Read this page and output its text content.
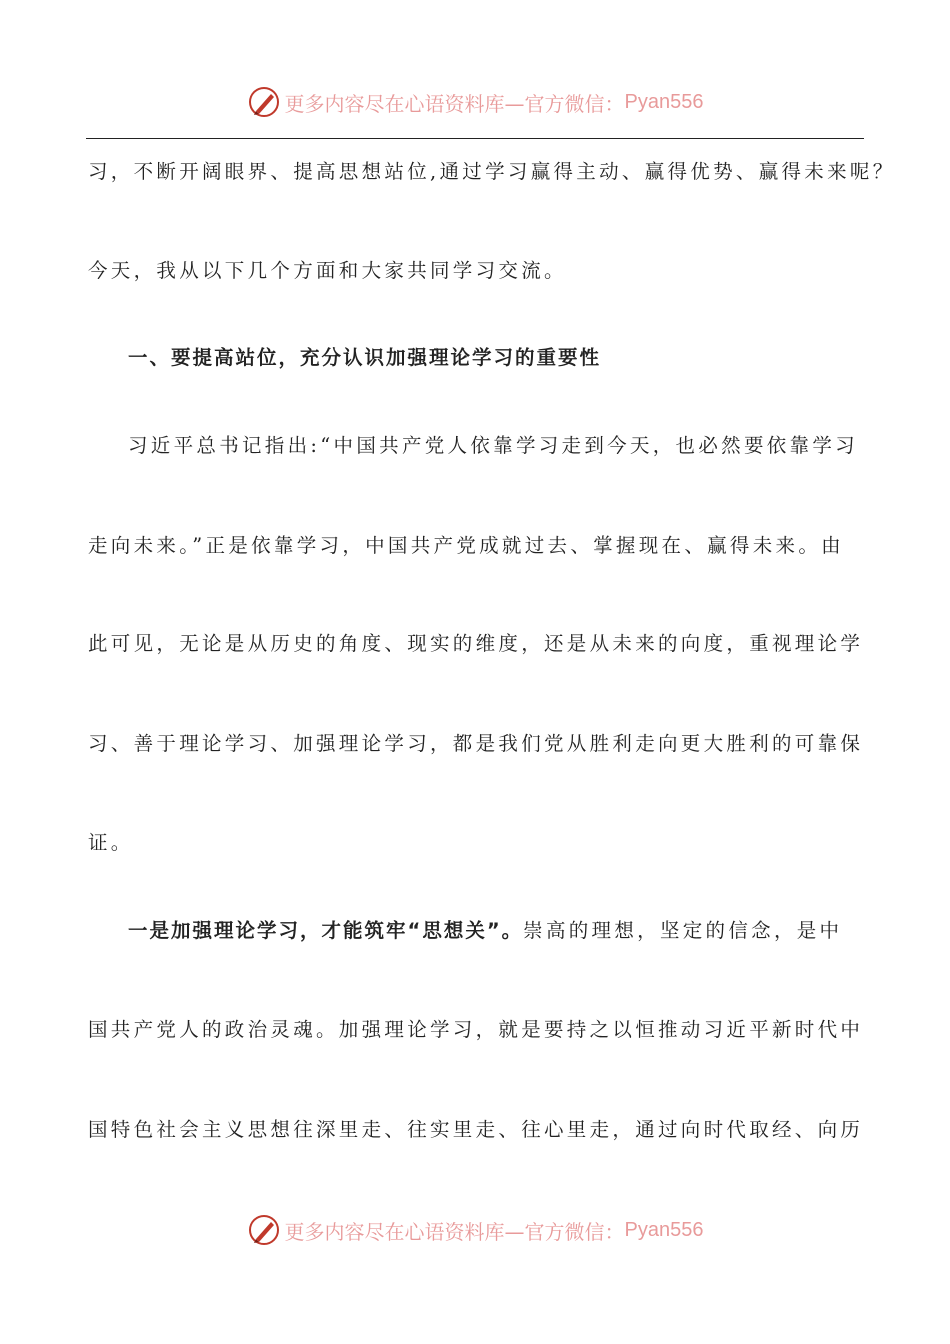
更多内容尽在心语资料库 —官方微信： Pyan556
习，不断开阔眼界、提高思想站位,通过学习赢得主动、赢得优势、赢得未来呢？
今天，我从以下几个方面和大家共同学习交流。
一、要提高站位，充分认识加强理论学习的重要性
习近平总书记指出:“中国共产党人依靠学习走到今天，也必然要依靠学习
走向未来。”正是依靠学习，中国共产党成就过去、掌握现在、赢得未来。由
此可见，无论是从历史的角度、现实的维度，还是从未来的向度，重视理论学
习、善于理论学习、加强理论学习，都是我们党从胜利走向更大胜利的可靠保
证。
一是加强理论学习，才能筑牢“思想关”。崇高的理想，坚定的信念，是中
国共产党人的政治灵魂。加强理论学习，就是要持之以恒推动习近平新时代中
国特色社会主义思想往深里走、往实里走、往心里走，通过向时代取经、向历
更多内容尽在心语资料库 —官方微信： Pyan556
